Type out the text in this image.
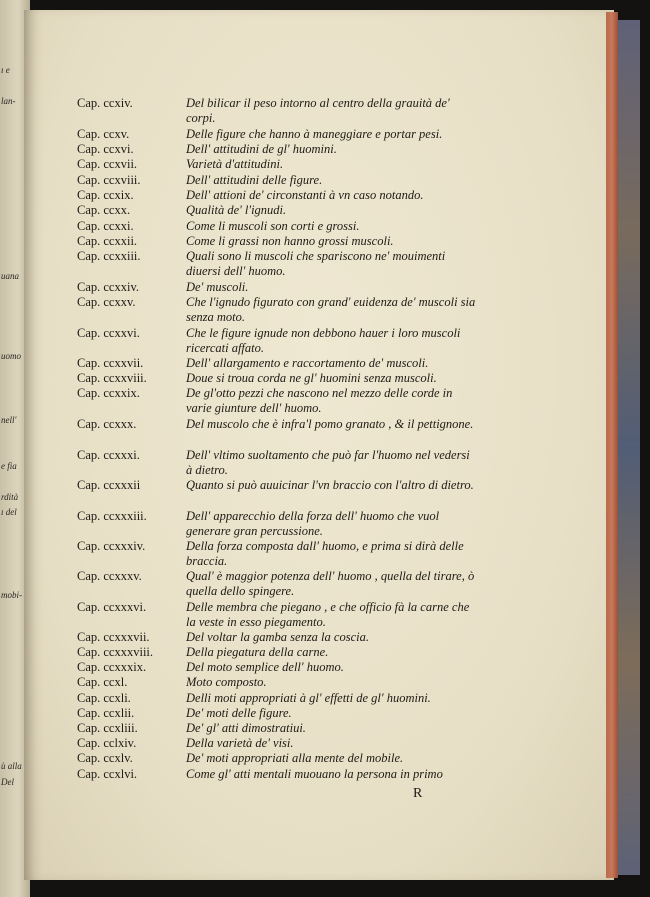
ı e
lan-
uana
uomo
nell'
e fia
rdità
ı del
mobi-
ù alla
Del
Cap. ccxiv.	Del bilicar il peso intorno al centro della grauità de' corpi.
Cap. ccxv.	Delle figure che hanno à maneggiare e portar pesi.
Cap. ccxvi.	Dell' attitudini de gl' huomini.
Cap. ccxvii.	Varietà d'attitudini.
Cap. ccxviii.	Dell' attitudini delle figure.
Cap. ccxix.	Dell' attioni de' circonstanti à vn caso notando.
Cap. ccxx.	Qualità de' l'ignudi.
Cap. ccxxi.	Come li muscoli son corti e grossi.
Cap. ccxxii.	Come li grassi non hanno grossi muscoli.
Cap. ccxxiii.	Quali sono li muscoli che spariscono ne' mouimenti diuersi dell' huomo.
Cap. ccxxiv.	De' muscoli.
Cap. ccxxv.	Che l'ignudo figurato con grand' euidenza de' muscoli sia senza moto.
Cap. ccxxvi.	Che le figure ignude non debbono hauer i loro muscoli ricercati affato.
Cap. ccxxvii.	Dell' allargamento e raccortamento de' muscoli.
Cap. ccxxviii.	Doue si troua corda ne gl' huomini senza muscoli.
Cap. ccxxix.	De gl'otto pezzi che nascono nel mezzo delle corde in varie giunture dell' huomo.
Cap. ccxxx.	Del muscolo che è infra'l pomo granato , & il pettignone.
Cap. ccxxxi.	Dell' vltimo suoltamento che può far l'huomo nel vedersi à dietro.
Cap. ccxxxii	Quanto si può auuicinar l'vn braccio con l'altro di dietro.
Cap. ccxxxiii.	Dell' apparecchio della forza dell' huomo che vuol generare gran percussione.
Cap. ccxxxiv.	Della forza composta dall' huomo, e prima si dirà delle braccia.
Cap. ccxxxv.	Qual' è maggior potenza dell' huomo , quella del tirare, ò quella dello spingere.
Cap. ccxxxvi.	Delle membra che piegano , e che officio fà la carne che la veste in esso piegamento.
Cap. ccxxxvii.	Del voltar la gamba senza la coscia.
Cap. ccxxxviii.	Della piegatura della carne.
Cap. ccxxxix.	Del moto semplice dell' huomo.
Cap. ccxl.	Moto composto.
Cap. ccxli.	Delli moti appropriati à gl' effetti de gl' huomini.
Cap. ccxlii.	De' moti delle figure.
Cap. ccxliii.	De' gl' atti dimostratiui.
Cap. cclxiv.	Della varietà de' visi.
Cap. ccxlv.	De' moti appropriati alla mente del mobile.
Cap. ccxlvi.	Come gl' atti mentali muouano la persona in primo
R
